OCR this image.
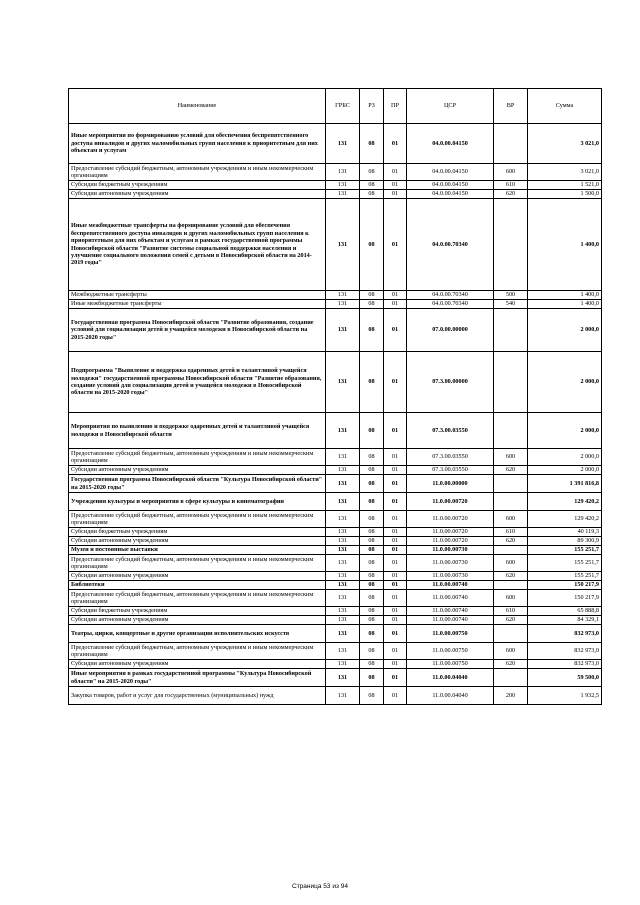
Наименование	ГРБС	РЗ	ПР	ЦСР	ВР	Сумма
Иные мероприятия по формированию условий для обеспечения беспрепятственного доступа инвалидов и других маломобильных групп населения к приоритетным для них объектам и услугам	131	08	01	04.0.00.04150		3 021,0
Предоставление субсидий бюджетным, автономным учреждениям и иным некоммерческим организациям	131	08	01	04.0.00.04150	600	3 021,0
Субсидии бюджетным учреждениям	131	08	01	04.0.00.04150	610	1 521,0
Субсидии автономным учреждениям	131	08	01	04.0.00.04150	620	1 500,0
Иные межбюджетные трансферты на формирование условий для обеспечения беспрепятственного доступа инвалидов и других маломобильных групп населения к приоритетным для них объектам и услугам в рамках государственной программы Новосибирской области "Развитие системы социальной поддержки населения и улучшение социального положения семей с детьми в Новосибирской области на 2014-2019 годы"	131	08	01	04.0.00.70340		1 400,0
Межбюджетные трансферты	131	08	01	04.0.00.70340	500	1 400,0
Иные межбюджетные трансферты	131	08	01	04.0.00.70340	540	1 400,0
Государственная программа Новосибирской области "Развитие образования, создание условий для социализации детей и учащейся молодежи в Новосибирской области на 2015-2020 годы"	131	08	01	07.0.00.00000		2 000,0
Подпрограмма "Выявление и поддержка одаренных детей и талантливой учащейся молодежи" государственной программы Новосибирской области "Развитие образования, создание условий для социализации детей и учащейся молодежи в Новосибирской области на 2015-2020 годы"	131	08	01	07.3.00.00000		2 000,0
Мероприятия по выявлению и поддержке одаренных детей и талантливой учащейся молодежи в Новосибирской области	131	08	01	07.3.00.03550		2 000,0
Предоставление субсидий бюджетным, автономным учреждениям и иным некоммерческим организациям	131	08	01	07.3.00.03550	600	2 000,0
Субсидии автономным учреждениям	131	08	01	07.3.00.03550	620	2 000,0
Государственная программа Новосибирской области "Культура Новосибирской области" на 2015-2020 годы"	131	08	01	11.0.00.00000		1 391 816,8
Учреждения культуры и мероприятия в сфере культуры и кинематографии	131	08	01	11.0.00.00720		129 420,2
Предоставление субсидий бюджетным, автономным учреждениям и иным некоммерческим организациям	131	08	01	11.0.00.00720	600	129 420,2
Субсидии бюджетным учреждениям	131	08	01	11.0.00.00720	610	40 119,3
Субсидии автономным учреждениям	131	08	01	11.0.00.00720	620	89 300,9
Музеи и постоянные выставки	131	08	01	11.0.00.00730		155 251,7
Предоставление субсидий бюджетным, автономным учреждениям и иным некоммерческим организациям	131	08	01	11.0.00.00730	600	155 251,7
Субсидии автономным учреждениям	131	08	01	11.0.00.00730	620	155 251,7
Библиотеки	131	08	01	11.0.00.00740		150 217,9
Предоставление субсидий бюджетным, автономным учреждениям и иным некоммерческим организациям	131	08	01	11.0.00.00740	600	150 217,9
Субсидии бюджетным учреждениям	131	08	01	11.0.00.00740	610	65 888,8
Субсидии автономным учреждениям	131	08	01	11.0.00.00740	620	84 329,1
Театры, цирки, концертные и другие организации исполнительских искусств	131	08	01	11.0.00.00750		832 973,0
Предоставление субсидий бюджетным, автономным учреждениям и иным некоммерческим организациям	131	08	01	11.0.00.00750	600	832 973,0
Субсидии автономным учреждениям	131	08	01	11.0.00.00750	620	832 973,0
Иные мероприятия в рамках государственной программы "Культура Новосибирской области" на 2015-2020 годы"	131	08	01	11.0.00.04040		59 500,0
Закупка товаров, работ и услуг для государственных (муниципальных) нужд	131	08	01	11.0.00.04040	200	1 932,5
Страница 53 из 94
